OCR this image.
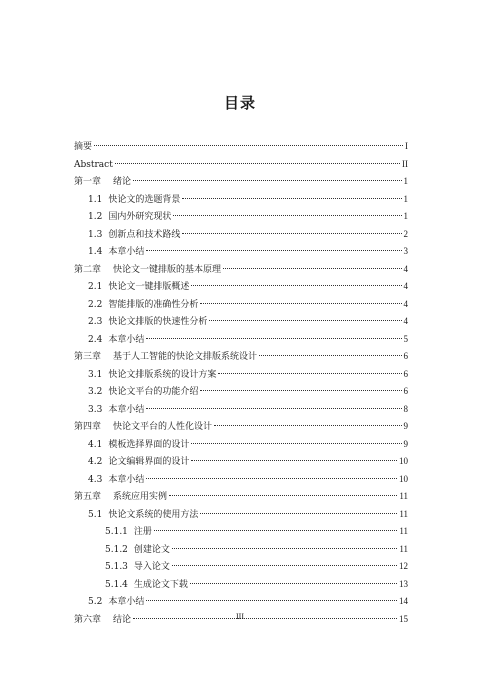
目录
摘要	I
Abstract	II
第一章 绪论	1
1.1 快论文的选题背景	1
1.2 国内外研究现状	1
1.3 创新点和技术路线	2
1.4 本章小结	3
第二章 快论文一键排版的基本原理	4
2.1 快论文一键排版概述	4
2.2 智能排版的准确性分析	4
2.3 快论文排版的快速性分析	4
2.4 本章小结	5
第三章 基于人工智能的快论文排版系统设计	6
3.1 快论文排版系统的设计方案	6
3.2 快论文平台的功能介绍	6
3.3 本章小结	8
第四章 快论文平台的人性化设计	9
4.1 模板选择界面的设计	9
4.2 论文编辑界面的设计	10
4.3 本章小结	10
第五章 系统应用实例	11
5.1 快论文系统的使用方法	11
5.1.1 注册	11
5.1.2 创建论文	11
5.1.3 导入论文	12
5.1.4 生成论文下载	13
5.2 本章小结	14
第六章 结论	15
III
